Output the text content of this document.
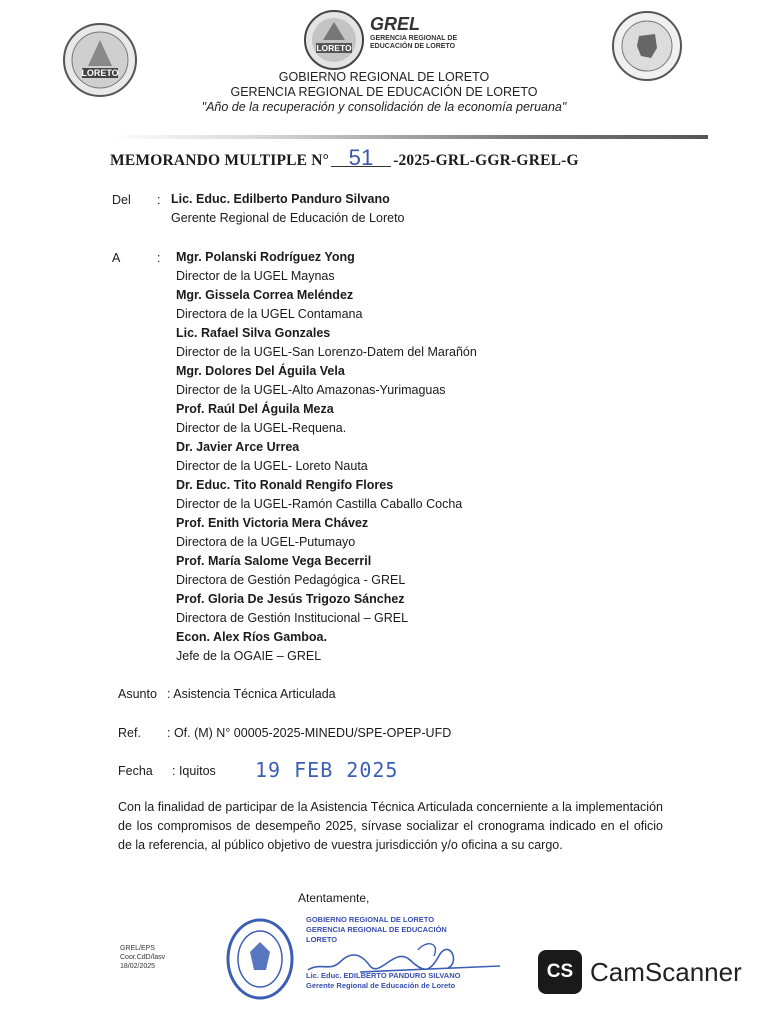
LORETO
LORETO
GREL
GERENCIA REGIONAL DE
EDUCACIÓN DE LORETO
GOBIERNO REGIONAL DE LORETO
GERENCIA REGIONAL DE EDUCACIÓN DE LORETO
"Año de la recuperación y consolidación de la economía peruana"
MEMORANDO MULTIPLE N° 51 -2025-GRL-GGR-GREL-G
Del : Lic. Educ. Edilberto Panduro Silvano
Gerente Regional de Educación de Loreto
A	: Mgr. Polanski Rodríguez Yong
Director de la UGEL Maynas
Mgr. Gissela Correa Meléndez
Directora de la UGEL Contamana
Lic. Rafael Silva Gonzales
Director de la UGEL-San Lorenzo-Datem del Marañón
Mgr. Dolores Del Águila Vela
Director de la UGEL-Alto Amazonas-Yurimaguas
Prof. Raúl Del Águila Meza
Director de la UGEL-Requena.
Dr. Javier Arce Urrea
Director de la UGEL- Loreto Nauta
Dr. Educ. Tito Ronald Rengifo Flores
Director de la UGEL-Ramón Castilla Caballo Cocha
Prof. Enith Victoria Mera Chávez
Directora de la UGEL-Putumayo
Prof. María Salome Vega Becerril
Directora de Gestión Pedagógica - GREL
Prof. Gloria De Jesús Trigozo Sánchez
Directora de Gestión Institucional – GREL
Econ. Alex Ríos Gamboa.
Jefe de la OGAIE – GREL
Asunto : Asistencia Técnica Articulada
Ref. : Of. (M) N° 00005-2025-MINEDU/SPE-OPEP-UFD
Fecha : Iquitos 19 FEB 2025
Con la finalidad de participar de la Asistencia Técnica Articulada concerniente a la implementación de los compromisos de desempeño 2025, sírvase socializar el cronograma indicado en el oficio de la referencia, al público objetivo de vuestra jurisdicción y/o oficina a su cargo.
Atentamente,
GREL/EPS
Coor.CdD/lasv
18/02/2025
GOBIERNO REGIONAL DE LORETO
GERENCIA REGIONAL DE EDUCACIÓN LORETO
Lic. Educ. EDILBERTO PANDURO SILVANO
Gerente Regional de Educación de Loreto
CS CamScanner
